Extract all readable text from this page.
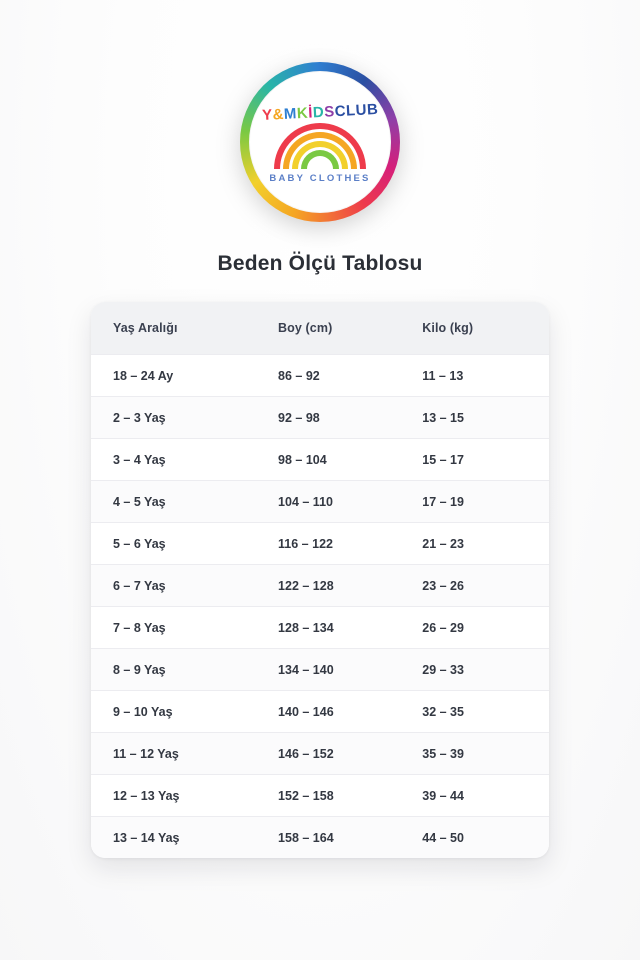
Y&MKİDSCLUB
BABY CLOTHES
Beden Ölçü Tablosu
Yaş Aralığı	Boy (cm)	Kilo (kg)
18 – 24 Ay	86 – 92	11 – 13
2 – 3 Yaş	92 – 98	13 – 15
3 – 4 Yaş	98 – 104	15 – 17
4 – 5 Yaş	104 – 110	17 – 19
5 – 6 Yaş	116 – 122	21 – 23
6 – 7 Yaş	122 – 128	23 – 26
7 – 8 Yaş	128 – 134	26 – 29
8 – 9 Yaş	134 – 140	29 – 33
9 – 10 Yaş	140 – 146	32 – 35
11 – 12 Yaş	146 – 152	35 – 39
12 – 13 Yaş	152 – 158	39 – 44
13 – 14 Yaş	158 – 164	44 – 50
